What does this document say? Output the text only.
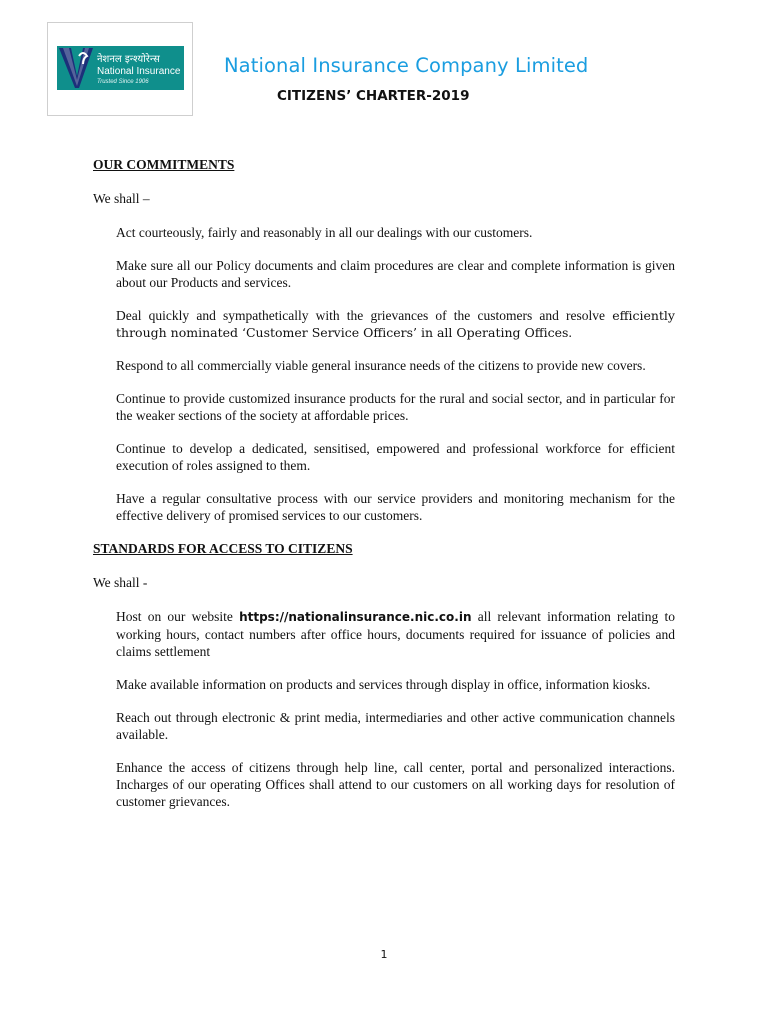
नेशनल इन्श्योरेन्स
National Insurance
Trusted Since 1906
National Insurance Company Limited
CITIZENS’ CHARTER-2019
OUR COMMITMENTS

We shall –

Act courteously, fairly and reasonably in all our dealings with our customers.
Make sure all our Policy documents and claim procedures are clear and complete information is given about our Products and services.
Deal quickly and sympathetically with the grievances of the customers and resolve efficiently through nominated ‘Customer Service Officers’ in all Operating Offices.
Respond to all commercially viable general insurance needs of the citizens to provide new covers.
Continue to provide customized insurance products for the rural and social sector, and in particular for the weaker sections of the society at affordable prices.
Continue to develop a dedicated, sensitised, empowered and professional workforce for efficient execution of roles assigned to them.
Have a regular consultative process with our service providers and monitoring mechanism for the effective delivery of promised services to our customers.
STANDARDS FOR ACCESS TO CITIZENS

We shall -

Host on our website https://nationalinsurance.nic.co.in all relevant information relating to working hours, contact numbers after office hours, documents required for issuance of policies and claims settlement
Make available information on products and services through display in office, information kiosks.
Reach out through electronic & print media, intermediaries and other active communication channels available.
Enhance the access of citizens through help line, call center, portal and personalized interactions. Incharges of our operating Offices shall attend to our customers on all working days for resolution of customer grievances.
1
